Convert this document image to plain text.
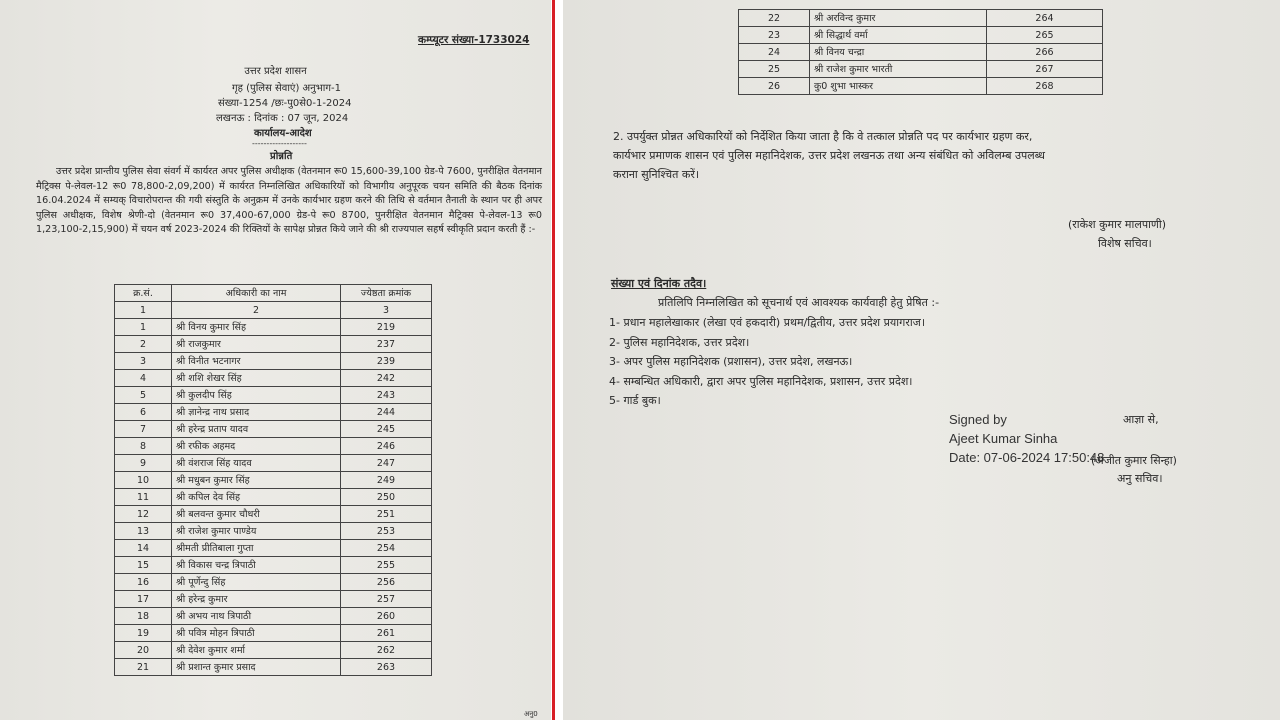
कम्प्यूटर संख्या-1733024
उत्तर प्रदेश शासन
गृह (पुलिस सेवाएं) अनुभाग-1
संख्या-1254 /छः-पु0से0-1-2024
लखनऊ : दिनांक : 07 जून, 2024
कार्यालय-आदेश
-------------------
प्रोन्नति
उत्तर प्रदेश प्रान्तीय पुलिस सेवा संवर्ग में कार्यरत अपर पुलिस अधीक्षक (वेतनमान रू0 15,600-39,100 ग्रेड-पे 7600, पुनरीक्षित वेतनमान मैट्रिक्स पे-लेवल-12 रू0 78,800-2,09,200) में कार्यरत निम्नलिखित अधिकारियों को विभागीय अनुपूरक चयन समिति की बैठक दिनांक 16.04.2024 में सम्यक् विचारोपरान्त की गयी संस्तुति के अनुक्रम में उनके कार्यभार ग्रहण करने की तिथि से वर्तमान तैनाती के स्थान पर ही अपर पुलिस अधीक्षक, विशेष श्रेणी-दो (वेतनमान रू0 37,400-67,000 ग्रेड-पे रू0 8700, पुनरीक्षित वेतनमान मैट्रिक्स पे-लेवल-13 रू0 1,23,100-2,15,900) में चयन वर्ष 2023-2024 की रिक्तियों के सापेक्ष प्रोन्नत किये जाने की श्री राज्यपाल सहर्ष स्वीकृति प्रदान करती हैं :-
क्र.सं.	अधिकारी का नाम	ज्येष्ठता क्रमांक
1	2	3
1	श्री विनय कुमार सिंह	219
2	श्री राजकुमार	237
3	श्री विनीत भटनागर	239
4	श्री शशि शेखर सिंह	242
5	श्री कुलदीप सिंह	243
6	श्री ज्ञानेन्द्र नाथ प्रसाद	244
7	श्री हरेन्द्र प्रताप यादव	245
8	श्री रफीक अहमद	246
9	श्री वंशराज सिंह यादव	247
10	श्री मधुबन कुमार सिंह	249
11	श्री कपिल देव सिंह	250
12	श्री बलवन्त कुमार चौधरी	251
13	श्री राजेश कुमार पाण्डेय	253
14	श्रीमती प्रीतिबाला गुप्ता	254
15	श्री विकास चन्द्र त्रिपाठी	255
16	श्री पूर्णेन्दु सिंह	256
17	श्री हरेन्द्र कुमार	257
18	श्री अभय नाथ त्रिपाठी	260
19	श्री पवित्र मोहन त्रिपाठी	261
20	श्री देवेश कुमार शर्मा	262
21	श्री प्रशान्त कुमार प्रसाद	263
अनु0
22	श्री अरविन्द कुमार	264
23	श्री सिद्धार्थ वर्मा	265
24	श्री विनय चन्द्रा	266
25	श्री राजेश कुमार भारती	267
26	कु0 शुभा भास्कर	268
2. उपर्युक्त प्रोन्नत अधिकारियों को निर्देशित किया जाता है कि वे तत्काल प्रोन्नति पद पर कार्यभार ग्रहण कर,
कार्यभार प्रमाणक शासन एवं पुलिस महानिदेशक, उत्तर प्रदेश लखनऊ तथा अन्य संबंधित को अविलम्ब उपलब्ध
कराना सुनिश्चित करें।
(राकेश कुमार मालपाणी)
विशेष सचिव।
संख्या एवं दिनांक तदैव।
प्रतिलिपि निम्नलिखित को सूचनार्थ एवं आवश्यक कार्यवाही हेतु प्रेषित :-
1- प्रधान महालेखाकार (लेखा एवं हकदारी) प्रथम/द्वितीय, उत्तर प्रदेश प्रयागराज।
2- पुलिस महानिदेशक, उत्तर प्रदेश।
3- अपर पुलिस महानिदेशक (प्रशासन), उत्तर प्रदेश, लखनऊ।
4- सम्बन्धित अधिकारी, द्वारा अपर पुलिस महानिदेशक, प्रशासन, उत्तर प्रदेश।
5- गार्ड बुक।
Signed by
Ajeet Kumar Sinha
Date: 07-06-2024 17:50:48
आज्ञा से,
(अजीत कुमार सिन्हा)
अनु सचिव।
